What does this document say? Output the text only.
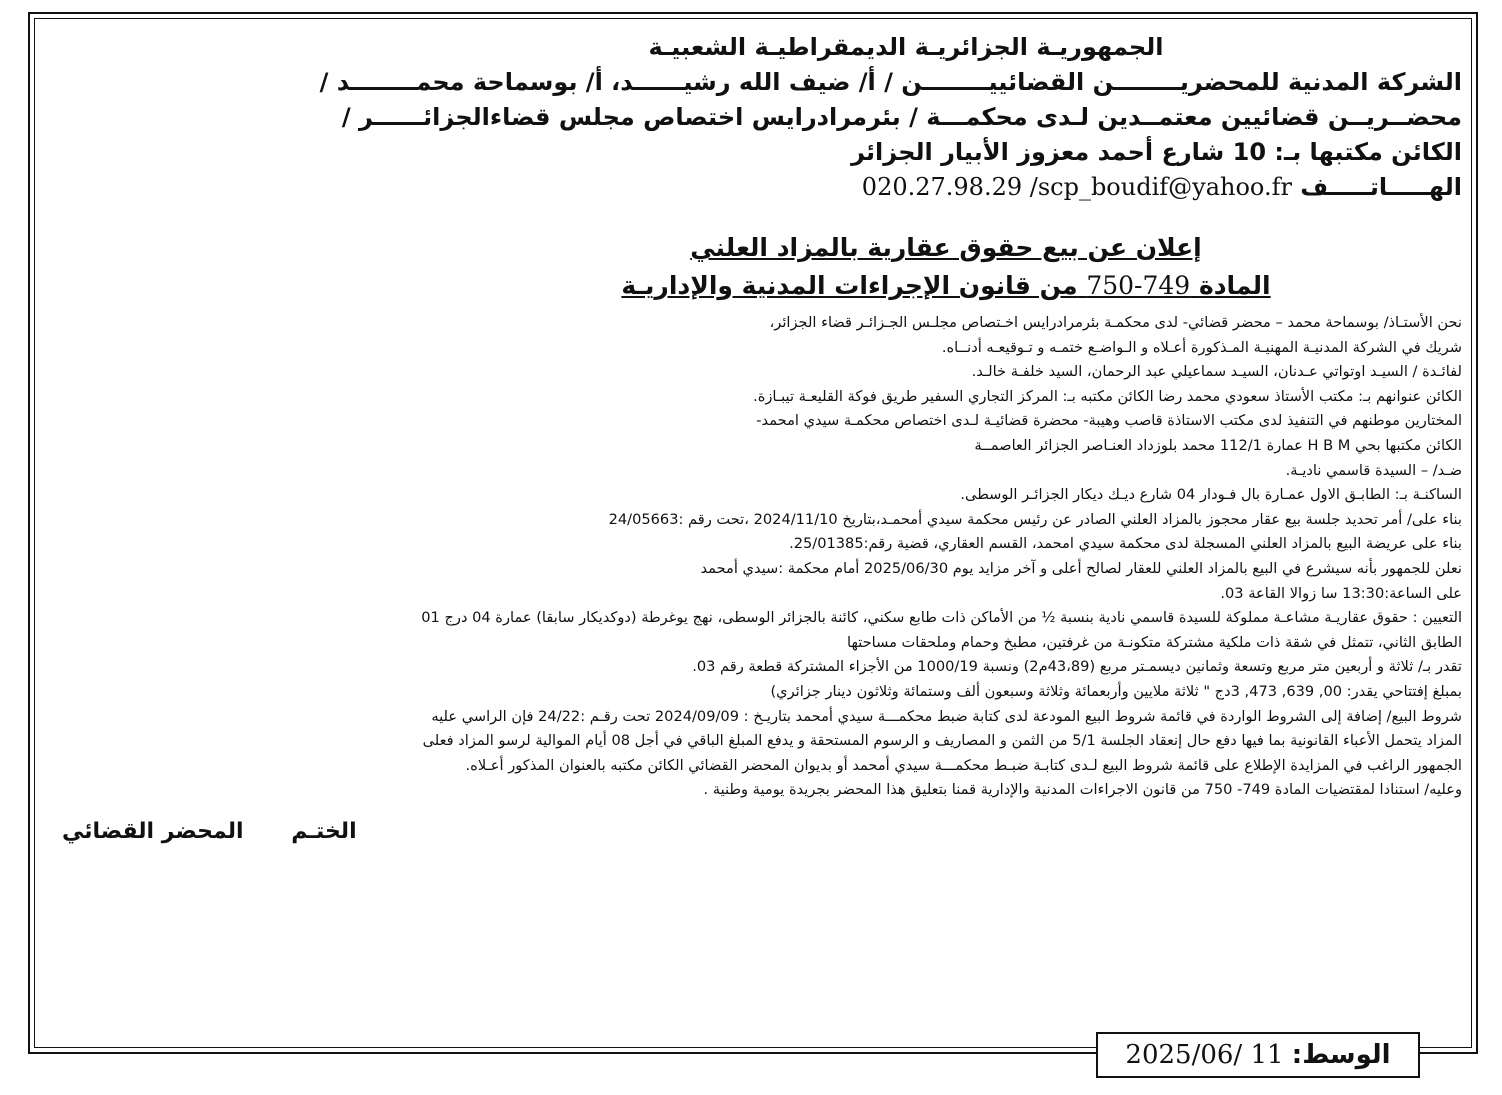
الجمهوريـة الجزائريـة الديمقراطيـة الشعبيـة
الشركة المدنية للمحضريــــــــن القضائييــــــــن / أ/ ضيف الله رشيــــــد، أ/ بوسماحة محمــــــــد /
محضــريــن قضائيين معتمــدين لـدى محكمـــة / بئرمرادرايس اختصاص مجلس قضاءالجزائــــــر /
الكائن مكتبها بـ: 10 شارع أحمد معزوز الأبيار الجزائر
الهـــــاتـــــف 020.27.98.29 /scp_boudif@yahoo.fr
إعلان عن بيع حقوق عقارية بالمزاد العلني
المادة 750-749 من قانون الإجراءات المدنية والإداريـة
نحن الأستـاذ/ بوسماحة محمد – محضر قضائي- لدى محكمـة بئرمرادرايس اخـتصاص مجلـس الجـزائـر قضاء الجزائر،
شريك في الشركة المدنيـة المهنيـة المـذكورة أعـلاه و الـواضـع ختمـه و تـوقيعـه أدنــاه.
لفائـدة / السيـد اوتواتي عـدنان، السيـد سماعيلي عبد الرحمان، السيد خلفـة خالـد.
الكائن عنوانهم بـ: مكتب الأستاذ سعودي محمد رضا الكائن مكتبه بـ: المركز التجاري السفير طريق فوكة القليعـة تيبـازة.
المختارين موطنهم في التنفيذ لدى مكتب الاستاذة قاصب وهيبة- محضرة قضائيـة لـدى اختصاص محكمـة سيدي امحمد-
الكائن مكتبها بحي H B M عمارة 112/1 محمد بلوزداد العنـاصر الجزائر العاصمــة
ضـد/ – السيدة قاسمي ناديـة.
الساكنـة بـ: الطابـق الاول عمـارة بال فـودار 04 شارع ديـك ديكار الجزائـر الوسطى.
بناء على/ أمر تحديد جلسة بيع عقار محجوز بالمزاد العلني الصادر عن رئيس محكمة سيدي أمحمـد،بتاريخ 2024/11/10 ،تحت رقم :24/05663
بناء على عريضة البيع بالمزاد العلني المسجلة لدى محكمة سيدي امحمد، القسم العقاري، قضية رقم:25/01385.
نعلن للجمهور بأنه سيشرع في البيع بالمزاد العلني للعقار لصالح أعلى و آخر مزايد يوم 2025/06/30 أمام محكمة :سيدي أمحمد
على الساعة:13:30 سا زوالا القاعة 03.
التعيين : حقوق عقاريـة مشاعـة مملوكة للسيدة قاسمي نادية بنسبة ½ من الأماكن ذات طابع سكني، كائنة بالجزائر الوسطى، نهج يوغرطة (دوكديكار سابقا) عمارة 04 درج 01
الطابق الثاني، تتمثل في شقة ذات ملكية مشتركة متكونـة من غرفتين، مطبخ وحمام وملحقات مساحتها
تقدر بـ/ ثلاثة و أربعين متر مربع وتسعة وثمانين ديسمـتر مربع (43،89م2) ونسبة 1000/19 من الأجزاء المشتركة قطعة رقم 03.
بمبلغ إفتتاحي يقدر: 00, 639, 473, 3دج " ثلاثة ملايين وأربعمائة وثلاثة وسبعون ألف وستمائة وثلاثون دينار جزائري)
شروط البيع/ إضافة إلى الشروط الواردة في قائمة شروط البيع المودعة لدى كتابة ضبط محكمـــة سيدي أمحمد بتاريـخ : 2024/09/09 تحت رقـم :24/22 فإن الراسي عليه
المزاد يتحمل الأعباء القانونية بما فيها دفع حال إنعقاد الجلسة 5/1 من الثمن و المصاريف و الرسوم المستحقة و يدفع المبلغ الباقي في أجل 08 أيام الموالية لرسو المزاد فعلى
الجمهور الراغب في المزايدة الإطلاع على قائمة شروط البيع لـدى كتابـة ضبـط محكمـــة سيدي أمحمد أو بديوان المحضر القضائي الكائن مكتبه بالعنوان المذكور أعـلاه.
وعليه/ استنادا لمقتضيات المادة 749- 750 من قانون الاجراءات المدنية والإدارية قمنا بتعليق هذا المحضر بجريدة يومية وطنية .
الختـم المحضر القضائي
الوسط: 2025/06/ 11
